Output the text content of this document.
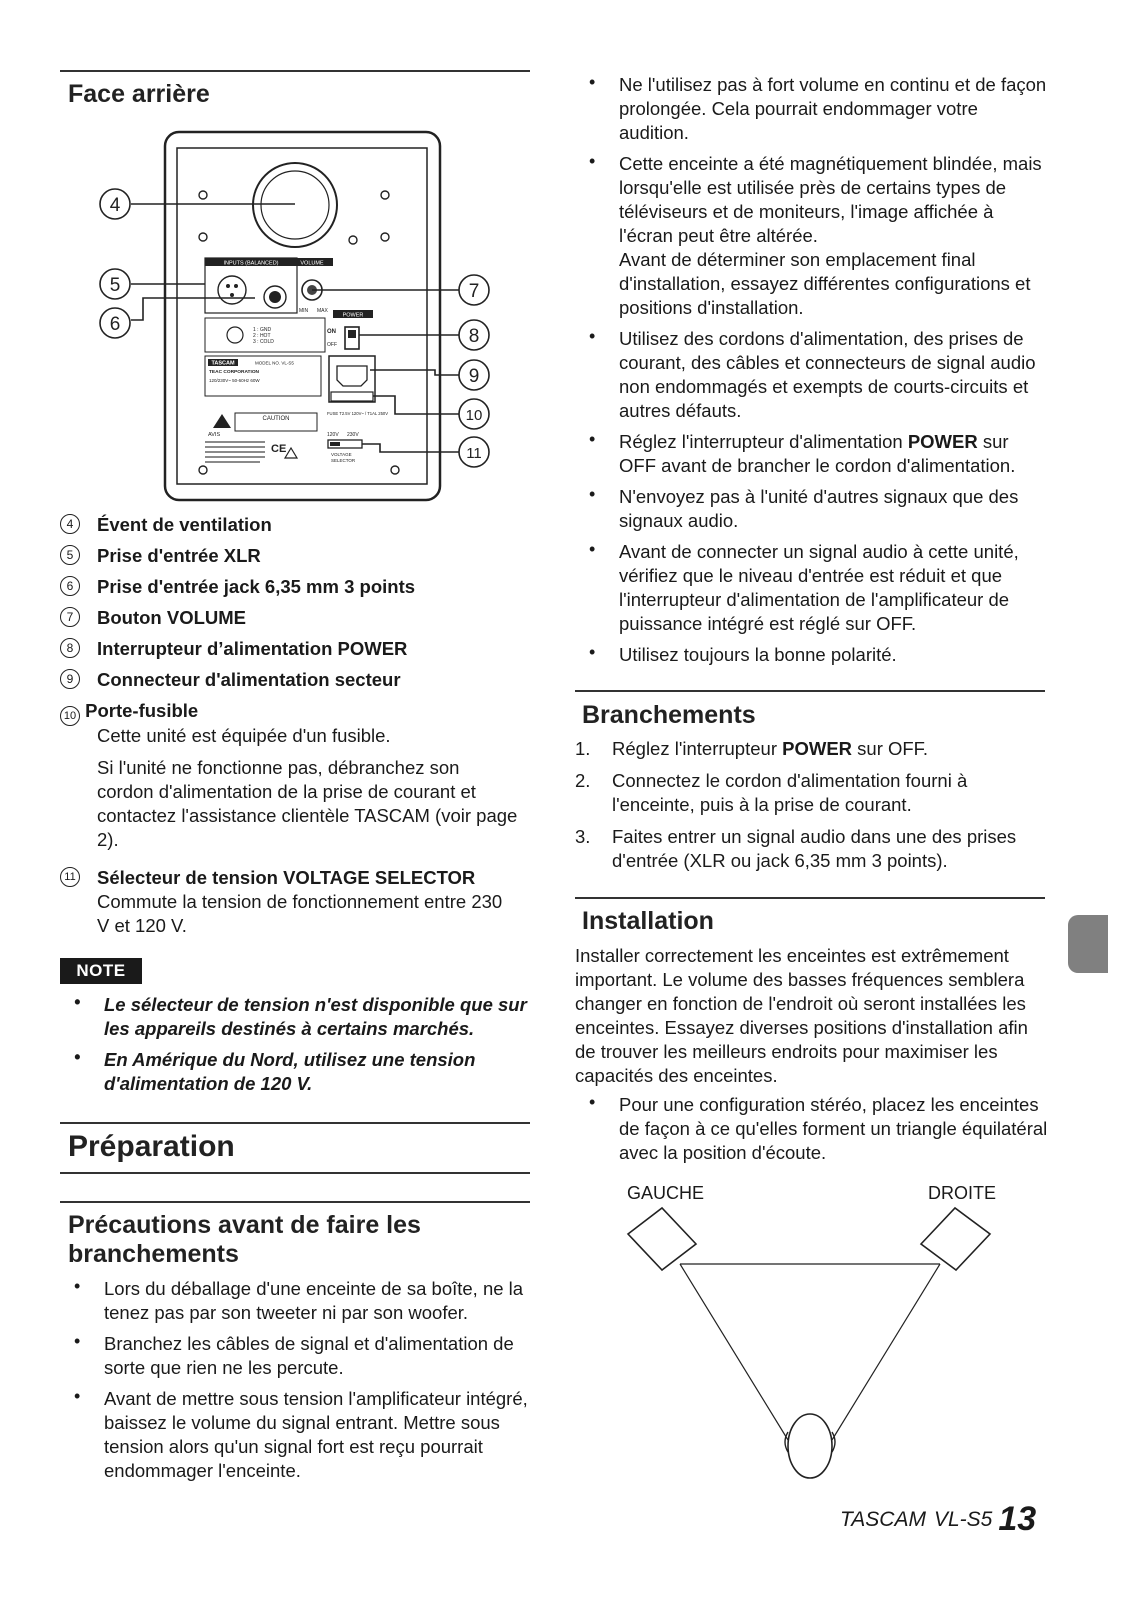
Face arrière
INPUTS (BALANCED)	VOLUME
MIN MAX
1 : GND
2 : HOT
3 : COLD
POWER
ON
OFF
FUSE T2.5V 120V~ / T1AL 250V
120V 230V
VOLTAGE
SELECTOR
TASCAM	MODEL NO. VL-S5
TEAC CORPORATION
120/230V~ 50-60Hz 60W
CAUTION
AVIS
CE
4
5
6
7
8
9
10
11
4	Évent de ventilation
5	Prise d'entrée XLR
6	Prise d'entrée jack 6,35 mm 3 points
7	Bouton VOLUME
8	Interrupteur d’alimentation POWER
9	Connecteur d'alimentation secteur
10 Porte-fusible
Cette unité est équipée d'un fusible.
Si l'unité ne fonctionne pas, débranchez son cordon d'alimentation de la prise de courant et contactez l'assistance clientèle TASCAM (voir page 2).
11 Sélecteur de tension VOLTAGE SELECTOR
Commute la tension de fonctionnement entre 230 V et 120 V.
NOTE
• Le sélecteur de tension n'est disponible que sur les appareils destinés à certains marchés.
• En Amérique du Nord, utilisez une tension d'alimentation de 120 V.
Préparation
Précautions avant de faire les branchements
• Lors du déballage d'une enceinte de sa boîte, ne la tenez pas par son tweeter ni par son woofer.
• Branchez les câbles de signal et d'alimentation de sorte que rien ne les percute.
• Avant de mettre sous tension l'amplificateur intégré, baissez le volume du signal entrant. Mettre sous tension alors qu'un signal fort est reçu pourrait endommager l'enceinte.
• Ne l'utilisez pas à fort volume en continu et de façon prolongée. Cela pourrait endommager votre audition.
• Cette enceinte a été magnétiquement blindée, mais lorsqu'elle est utilisée près de certains types de téléviseurs et de moniteurs, l'image affichée à l'écran peut être altérée.
Avant de déterminer son emplacement final d'installation, essayez différentes configurations et positions d'installation.
• Utilisez des cordons d'alimentation, des prises de courant, des câbles et connecteurs de signal audio non endommagés et exempts de courts-circuits et autres défauts.
• Réglez l'interrupteur d'alimentation POWER sur OFF avant de brancher le cordon d'alimentation.
• N'envoyez pas à l'unité d'autres signaux que des signaux audio.
• Avant de connecter un signal audio à cette unité, vérifiez que le niveau d'entrée est réduit et que l'interrupteur d'alimentation de l'amplificateur de puissance intégré est réglé sur OFF.
• Utilisez toujours la bonne polarité.
Branchements
1. Réglez l'interrupteur POWER sur OFF.
2. Connectez le cordon d'alimentation fourni à l'enceinte, puis à la prise de courant.
3. Faites entrer un signal audio dans une des prises d'entrée (XLR ou jack 6,35 mm 3 points).
Installation
Installer correctement les enceintes est extrêmement important. Le volume des basses fréquences semblera changer en fonction de l'endroit où seront installées les enceintes. Essayez diverses positions d'installation afin de trouver les meilleurs endroits pour maximiser les capacités des enceintes.
• Pour une configuration stéréo, placez les enceintes de façon à ce qu'elles forment un triangle équilatéral avec la position d'écoute.
GAUCHE	DROITE
TASCAM VL-S5 13
